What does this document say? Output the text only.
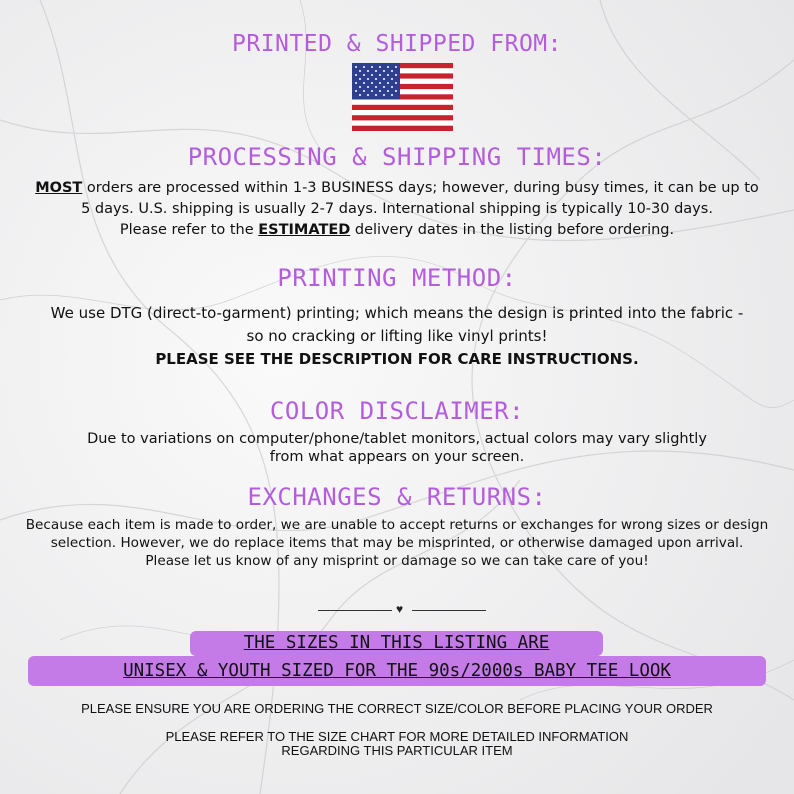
PRINTED & SHIPPED FROM:
PROCESSING & SHIPPING TIMES:
MOST orders are processed within 1-3 BUSINESS days; however, during busy times, it can be up to
5 days. U.S. shipping is usually 2-7 days. International shipping is typically 10-30 days.
Please refer to the ESTIMATED delivery dates in the listing before ordering.
PRINTING METHOD:
We use DTG (direct-to-garment) printing; which means the design is printed into the fabric -
so no cracking or lifting like vinyl prints!
PLEASE SEE THE DESCRIPTION FOR CARE INSTRUCTIONS.
COLOR DISCLAIMER:
Due to variations on computer/phone/tablet monitors, actual colors may vary slightly
from what appears on your screen.
EXCHANGES & RETURNS:
Because each item is made to order, we are unable to accept returns or exchanges for wrong sizes or design
selection. However, we do replace items that may be misprinted, or otherwise damaged upon arrival.
Please let us know of any misprint or damage so we can take care of you!
♥
THE SIZES IN THIS LISTING ARE
UNISEX & YOUTH SIZED FOR THE 90s/2000s BABY TEE LOOK
PLEASE ENSURE YOU ARE ORDERING THE CORRECT SIZE/COLOR BEFORE PLACING YOUR ORDER
PLEASE REFER TO THE SIZE CHART FOR MORE DETAILED INFORMATION
REGARDING THIS PARTICULAR ITEM
